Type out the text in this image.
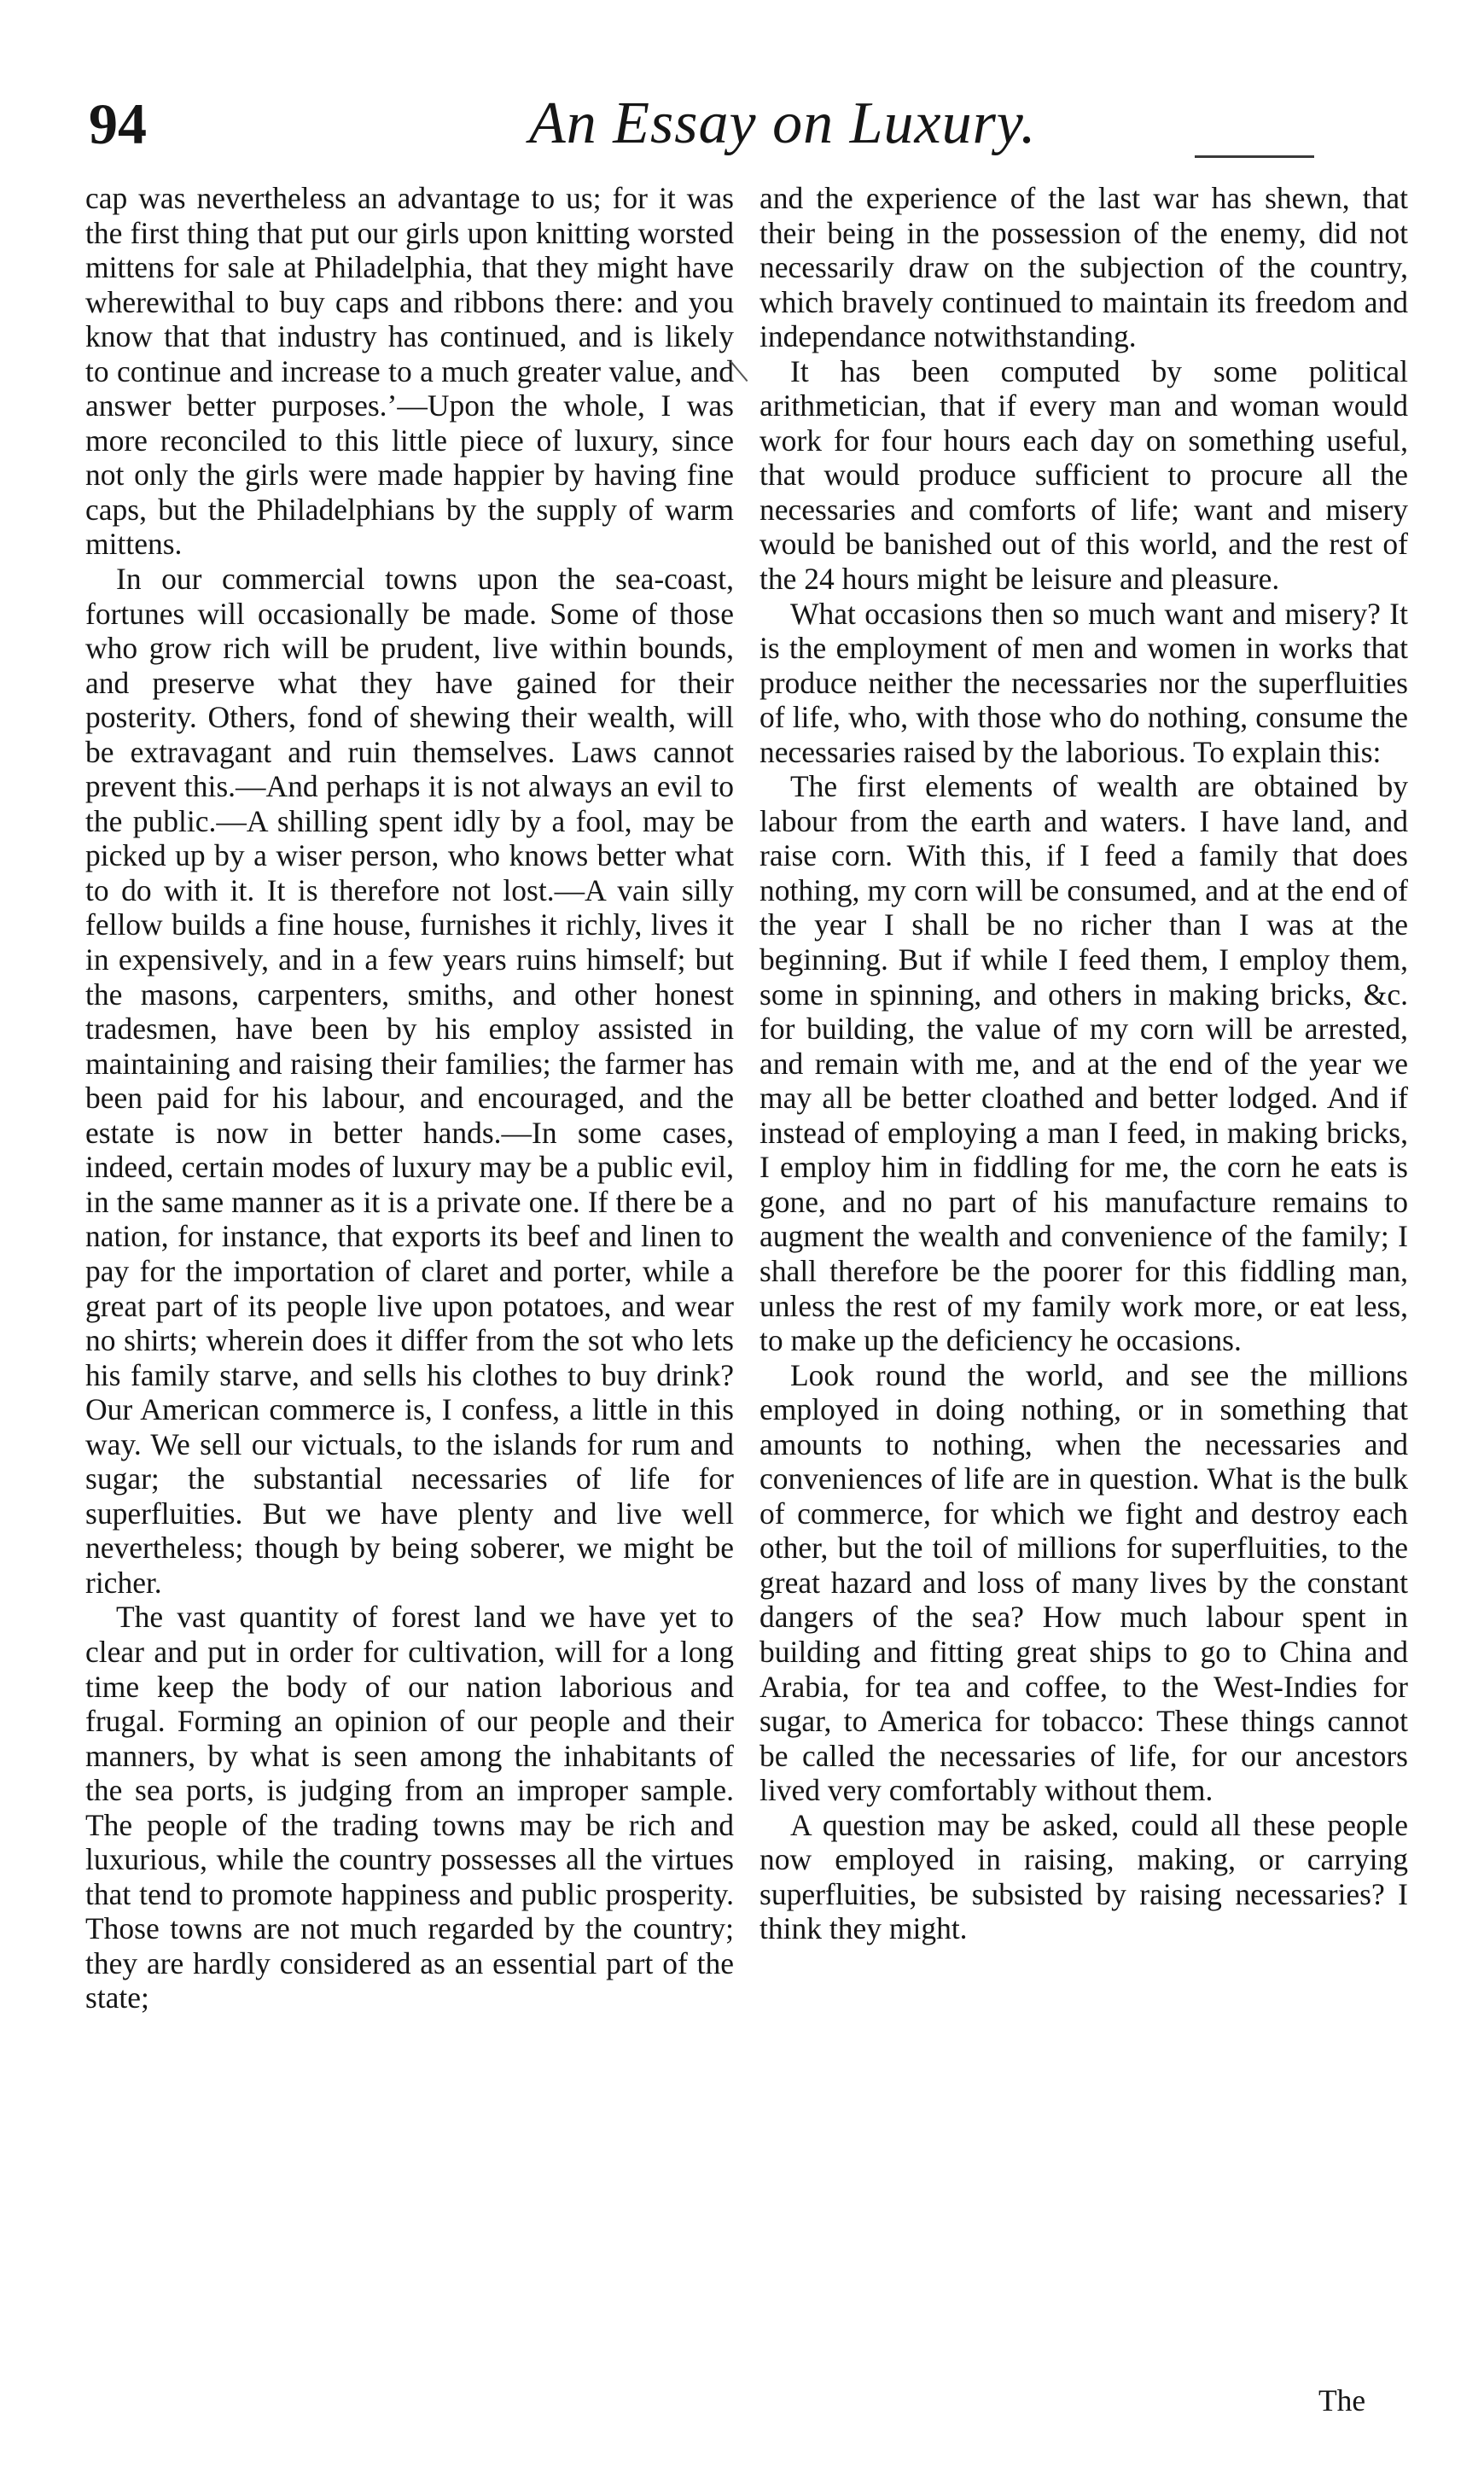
94	An Essay on Luxury.

cap was nevertheless an advantage to us; for it was the first thing that put our girls upon knitting worsted mittens for sale at Philadelphia, that they might have wherewithal to buy caps and ribbons there: and you know that that industry has continued, and is likely to continue and increase to a much greater value, and answer better purposes.’—Upon the whole, I was more reconciled to this little piece of luxury, since not only the girls were made happier by having fine caps, but the Philadelphians by the supply of warm mittens.

In our commercial towns upon the sea-coast, fortunes will occasionally be made. Some of those who grow rich will be prudent, live within bounds, and preserve what they have gained for their posterity. Others, fond of shewing their wealth, will be extravagant and ruin themselves. Laws cannot prevent this.—And perhaps it is not always an evil to the public.—A shilling spent idly by a fool, may be picked up by a wiser person, who knows better what to do with it. It is therefore not lost.—A vain silly fellow builds a fine house, furnishes it richly, lives it in expensively, and in a few years ruins himself; but the masons, carpenters, smiths, and other honest tradesmen, have been by his employ assisted in maintaining and raising their families; the farmer has been paid for his labour, and encouraged, and the estate is now in better hands.—In some cases, indeed, certain modes of luxury may be a public evil, in the same manner as it is a private one. If there be a nation, for instance, that exports its beef and linen to pay for the importation of claret and porter, while a great part of its people live upon potatoes, and wear no shirts; wherein does it differ from the sot who lets his family starve, and sells his clothes to buy drink? Our American commerce is, I confess, a little in this way. We sell our victuals, to the islands for rum and sugar; the substantial necessaries of life for superfluities. But we have plenty and live well nevertheless; though by being soberer, we might be richer.

The vast quantity of forest land we have yet to clear and put in order for cultivation, will for a long time keep the body of our nation laborious and frugal. Forming an opinion of our people and their manners, by what is seen among the inhabitants of the sea ports, is judging from an improper sample. The people of the trading towns may be rich and luxurious, while the country possesses all the virtues that tend to promote happiness and public prosperity. Those towns are not much regarded by the country; they are hardly considered as an essential part of the state;

and the experience of the last war has shewn, that their being in the possession of the enemy, did not necessarily draw on the subjection of the country, which bravely continued to maintain its freedom and independance notwithstanding.

It has been computed by some political arithmetician, that if every man and woman would work for four hours each day on something useful, that would produce sufficient to procure all the necessaries and comforts of life; want and misery would be banished out of this world, and the rest of the 24 hours might be leisure and pleasure.

What occasions then so much want and misery? It is the employment of men and women in works that produce neither the necessaries nor the superfluities of life, who, with those who do nothing, consume the necessaries raised by the laborious. To explain this:

The first elements of wealth are obtained by labour from the earth and waters. I have land, and raise corn. With this, if I feed a family that does nothing, my corn will be consumed, and at the end of the year I shall be no richer than I was at the beginning. But if while I feed them, I employ them, some in spinning, and others in making bricks, &c. for building, the value of my corn will be arrested, and remain with me, and at the end of the year we may all be better cloathed and better lodged. And if instead of employing a man I feed, in making bricks, I employ him in fiddling for me, the corn he eats is gone, and no part of his manufacture remains to augment the wealth and convenience of the family; I shall therefore be the poorer for this fiddling man, unless the rest of my family work more, or eat less, to make up the deficiency he occasions.

Look round the world, and see the millions employed in doing nothing, or in something that amounts to nothing, when the necessaries and conveniences of life are in question. What is the bulk of commerce, for which we fight and destroy each other, but the toil of millions for superfluities, to the great hazard and loss of many lives by the constant dangers of the sea? How much labour spent in building and fitting great ships to go to China and Arabia, for tea and coffee, to the West-Indies for sugar, to America for tobacco: These things cannot be called the necessaries of life, for our ancestors lived very comfortably without them.

A question may be asked, could all these people now employed in raising, making, or carrying superfluities, be subsisted by raising necessaries? I think they might.

The
